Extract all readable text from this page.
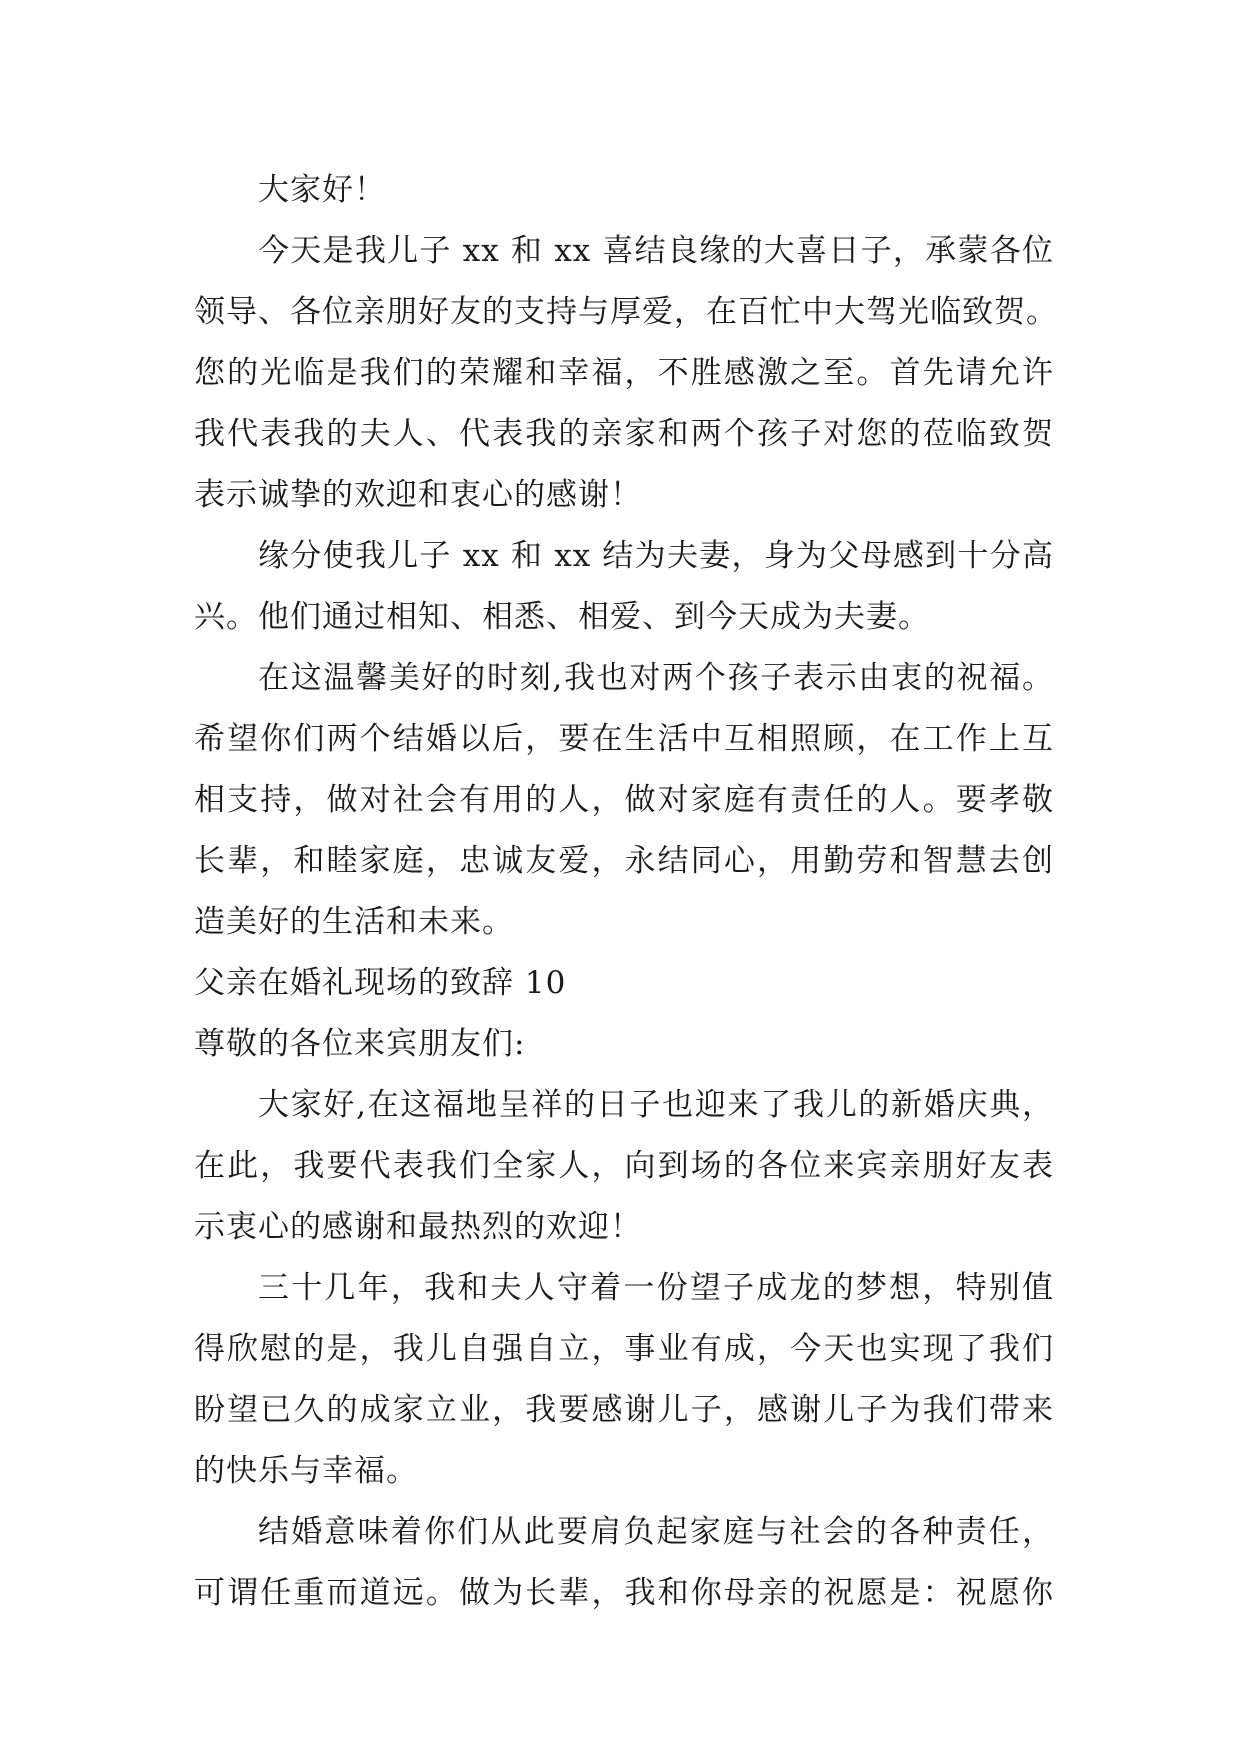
大家好！
今天是我儿子 xx 和 xx 喜结良缘的大喜日子，承蒙各位
领导、各位亲朋好友的支持与厚爱，在百忙中大驾光临致贺。
您的光临是我们的荣耀和幸福，不胜感激之至。首先请允许
我代表我的夫人、代表我的亲家和两个孩子对您的莅临致贺
表示诚挚的欢迎和衷心的感谢！
缘分使我儿子 xx 和 xx 结为夫妻，身为父母感到十分高
兴。他们通过相知、相悉、相爱、到今天成为夫妻。
在这温馨美好的时刻,我也对两个孩子表示由衷的祝福。
希望你们两个结婚以后，要在生活中互相照顾，在工作上互
相支持，做对社会有用的人，做对家庭有责任的人。要孝敬
长辈，和睦家庭，忠诚友爱，永结同心，用勤劳和智慧去创
造美好的生活和未来。
父亲在婚礼现场的致辞 10
尊敬的各位来宾朋友们:
大家好,在这福地呈祥的日子也迎来了我儿的新婚庆典，
在此，我要代表我们全家人，向到场的各位来宾亲朋好友表
示衷心的感谢和最热烈的欢迎！
三十几年，我和夫人守着一份望子成龙的梦想，特别值
得欣慰的是，我儿自强自立，事业有成，今天也实现了我们
盼望已久的成家立业，我要感谢儿子，感谢儿子为我们带来
的快乐与幸福。
结婚意味着你们从此要肩负起家庭与社会的各种责任，
可谓任重而道远。做为长辈，我和你母亲的祝愿是：祝愿你
